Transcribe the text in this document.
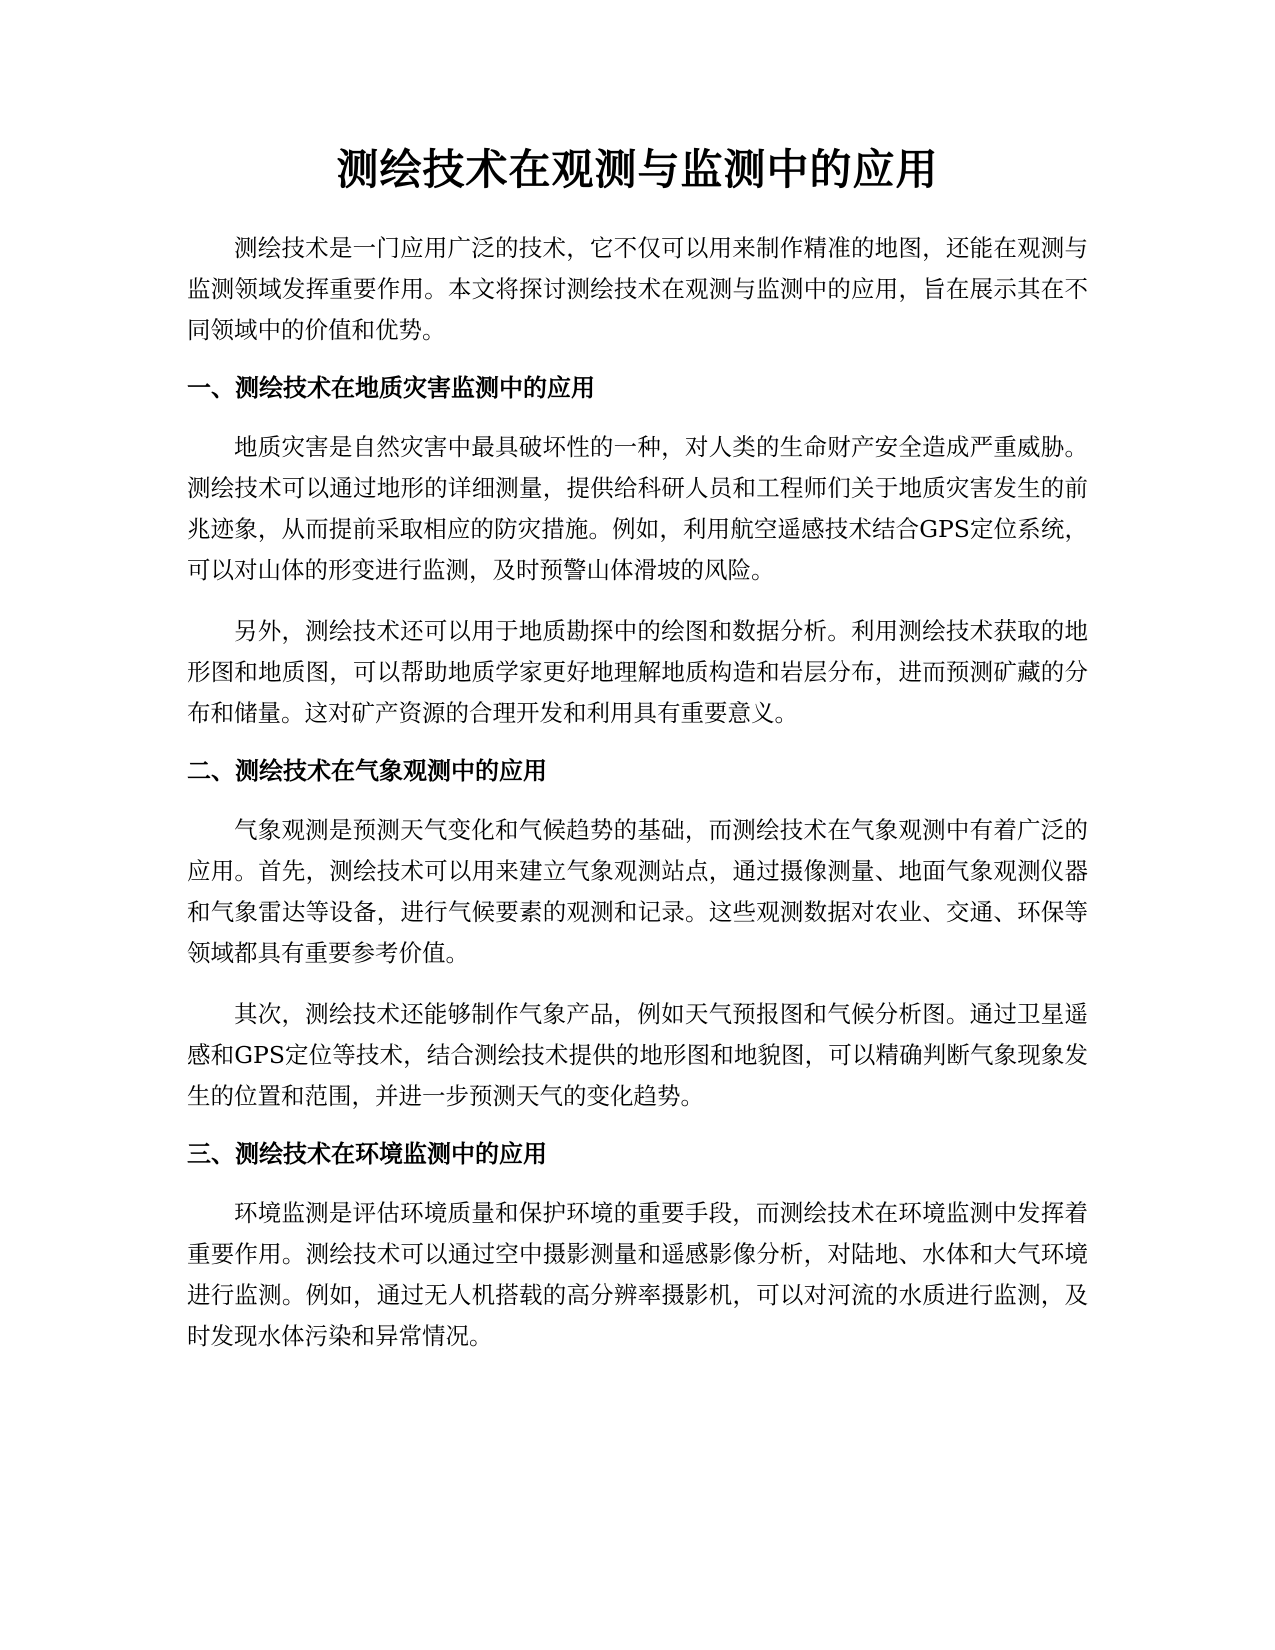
测绘技术在观测与监测中的应用

测绘技术是一门应用广泛的技术，它不仅可以用来制作精准的地图，还能在观测与监测领域发挥重要作用。本文将探讨测绘技术在观测与监测中的应用，旨在展示其在不同领域中的价值和优势。

一、测绘技术在地质灾害监测中的应用

地质灾害是自然灾害中最具破坏性的一种，对人类的生命财产安全造成严重威胁。测绘技术可以通过地形的详细测量，提供给科研人员和工程师们关于地质灾害发生的前兆迹象，从而提前采取相应的防灾措施。例如，利用航空遥感技术结合GPS定位系统，可以对山体的形变进行监测，及时预警山体滑坡的风险。

另外，测绘技术还可以用于地质勘探中的绘图和数据分析。利用测绘技术获取的地形图和地质图，可以帮助地质学家更好地理解地质构造和岩层分布，进而预测矿藏的分布和储量。这对矿产资源的合理开发和利用具有重要意义。

二、测绘技术在气象观测中的应用

气象观测是预测天气变化和气候趋势的基础，而测绘技术在气象观测中有着广泛的应用。首先，测绘技术可以用来建立气象观测站点，通过摄像测量、地面气象观测仪器和气象雷达等设备，进行气候要素的观测和记录。这些观测数据对农业、交通、环保等领域都具有重要参考价值。

其次，测绘技术还能够制作气象产品，例如天气预报图和气候分析图。通过卫星遥感和GPS定位等技术，结合测绘技术提供的地形图和地貌图，可以精确判断气象现象发生的位置和范围，并进一步预测天气的变化趋势。

三、测绘技术在环境监测中的应用

环境监测是评估环境质量和保护环境的重要手段，而测绘技术在环境监测中发挥着重要作用。测绘技术可以通过空中摄影测量和遥感影像分析，对陆地、水体和大气环境进行监测。例如，通过无人机搭载的高分辨率摄影机，可以对河流的水质进行监测，及时发现水体污染和异常情况。
